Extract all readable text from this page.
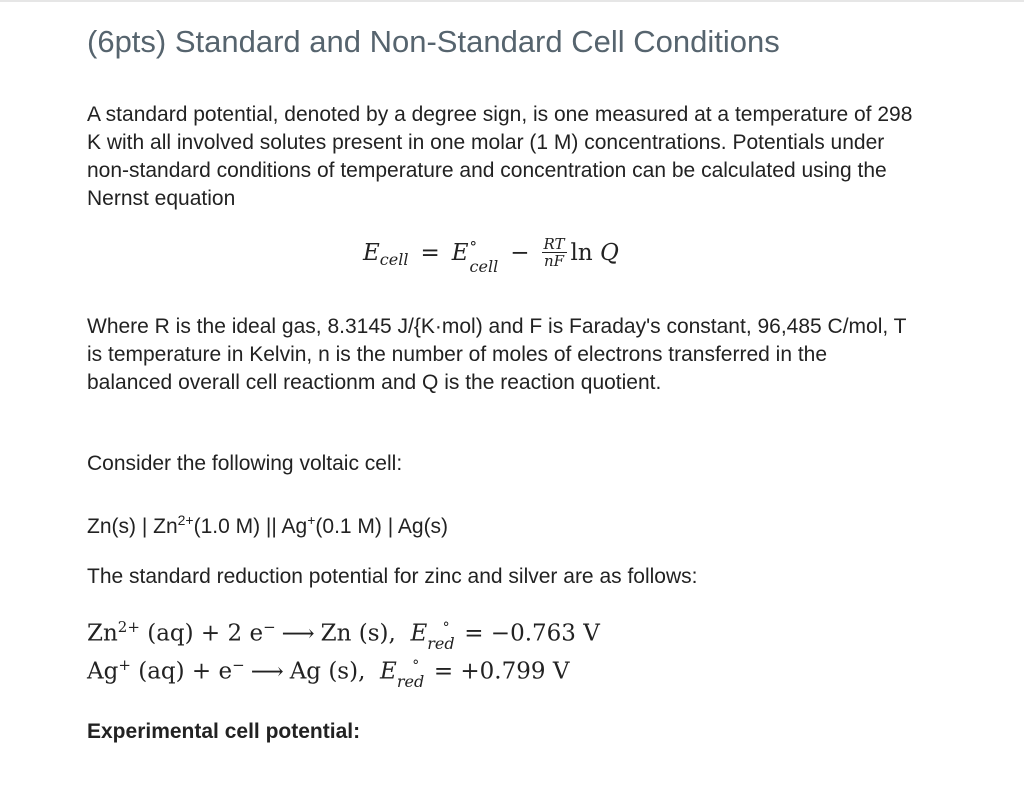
(6pts) Standard and Non-Standard Cell Conditions

A standard potential, denoted by a degree sign, is one measured at a temperature of 298 K with all involved solutes present in one molar (1 M) concentrations. Potentials under non-standard conditions of temperature and concentration can be calculated using the Nernst equation

E cell = E °
cell
− $\frac{RT}{nF}$ ln
Q

Where R is the ideal gas, 8.3145 J/{K·mol) and F is Faraday's constant, 96,485 C/mol, T is temperature in Kelvin, n is the number of moles of electrons transferred in the balanced overall cell reactionm and Q is the reaction quotient.

Consider the following voltaic cell:

Zn(s) | $Zn^{2+}(1.0$ M) || Ag+(0.1 M) | Ag(s)

The standard reduction potential for zinc and silver are as follows:

$Zn^{2+}$ (aq) + 2 e− ⟶ Zn (s), $E_{red}^\circ = -0.763$ V

Ag+ (aq) + e− ⟶ Ag (s), $E_{red}^\circ = +0.799$ V

Experimental cell potential:
